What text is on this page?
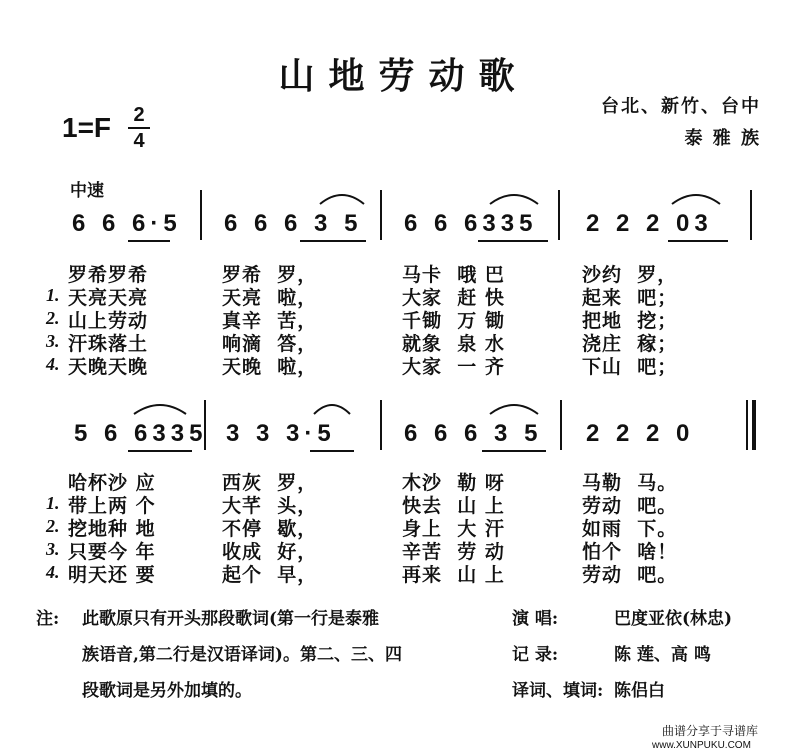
山地劳动歌
1=F 2
4
台北、新竹、台中
泰 雅 族
中速
6 6 6·5 6 6 6 3 5 6 6 6335 2 2 2 03
罗希罗希	罗希  罗，	马卡  哦 巴	沙约  罗，
1. 天亮天亮	天亮  啦，	大家  赶 快	起来  吧；
2. 山上劳动	真辛  苦，	千锄  万 锄	把地  挖；
3. 汗珠落土	响滴  答，	就象  泉 水	浇庄  稼；
4. 天晚天晚	天晚  啦，	大家  一 齐	下山  吧；
5 6 6335 3 3 3·5	6 6 6 3 5 2 2 2 0
哈杯沙 应	西灰  罗，	木沙  勒 呀	马勒  马。
1. 带上两 个	大芊  头，	快去  山 上	劳动  吧。
2. 挖地种 地	不停  歇，	身上  大 汗	如雨  下。
3. 只要今 年	收成  好，	辛苦  劳 动	怕个  啥！
4. 明天还 要	起个  早，	再来  山 上	劳动  吧。
注: 此歌原只有开头那段歌词(第一行是泰雅
族语音,第二行是汉语译词)。第二、三、四
段歌词是另外加填的。
演 唱:	巴度亚依(林忠)
记 录:	陈 莲、高 鸣
译词、填词: 陈侣白
曲谱分享于寻谱库
www.XUNPUKU.COM
